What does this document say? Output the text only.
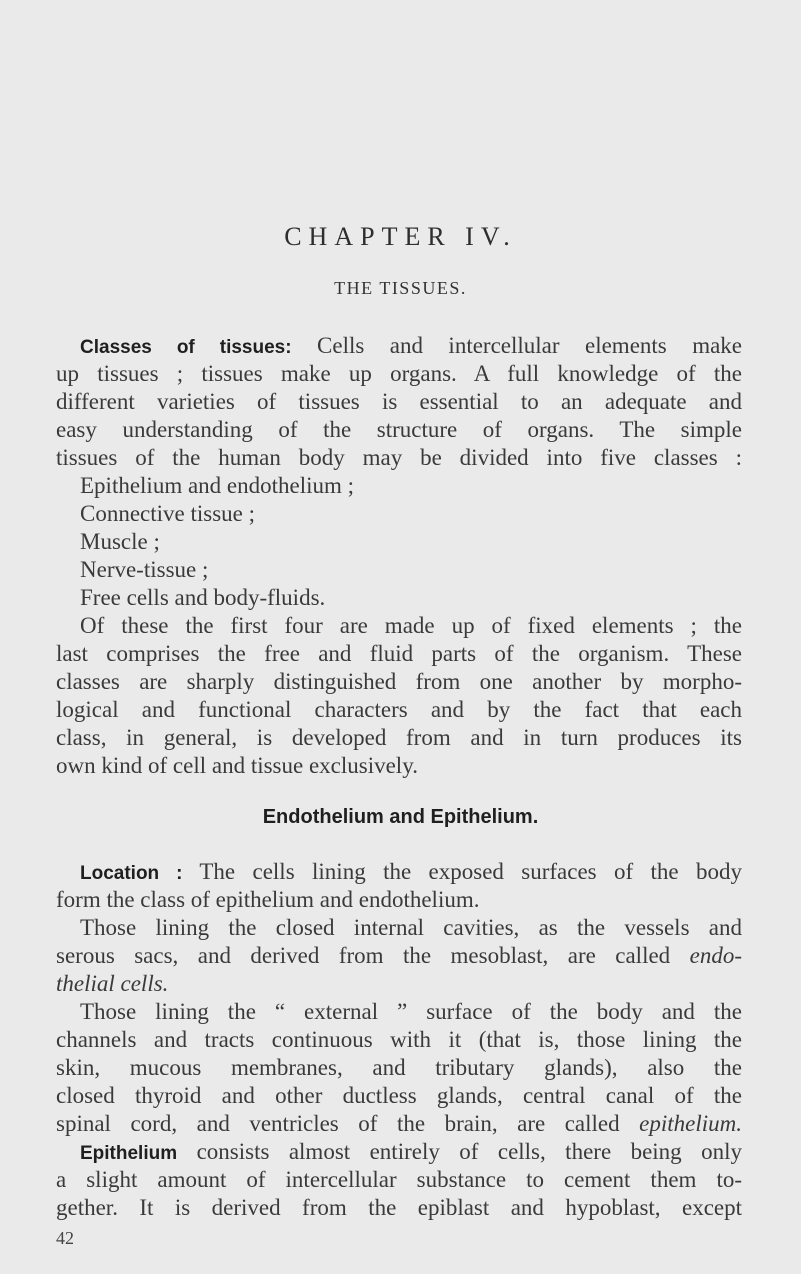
CHAPTER IV.
THE TISSUES.
Classes of tissues: Cells and intercellular elements make
up tissues ; tissues make up organs. A full knowledge of the
different varieties of tissues is essential to an adequate and
easy understanding of the structure of organs. The simple
tissues of the human body may be divided into five classes :
Epithelium and endothelium ;
Connective tissue ;
Muscle ;
Nerve-tissue ;
Free cells and body-fluids.
Of these the first four are made up of fixed elements ; the
last comprises the free and fluid parts of the organism. These
classes are sharply distinguished from one another by morpho-
logical and functional characters and by the fact that each
class, in general, is developed from and in turn produces its
own kind of cell and tissue exclusively.
Endothelium and Epithelium.
Location : The cells lining the exposed surfaces of the body
form the class of epithelium and endothelium.
Those lining the closed internal cavities, as the vessels and
serous sacs, and derived from the mesoblast, are called endo-
thelial cells.
Those lining the “ external ” surface of the body and the
channels and tracts continuous with it (that is, those lining the
skin, mucous membranes, and tributary glands), also the
closed thyroid and other ductless glands, central canal of the
spinal cord, and ventricles of the brain, are called epithelium.
Epithelium consists almost entirely of cells, there being only
a slight amount of intercellular substance to cement them to-
gether. It is derived from the epiblast and hypoblast, except
42
